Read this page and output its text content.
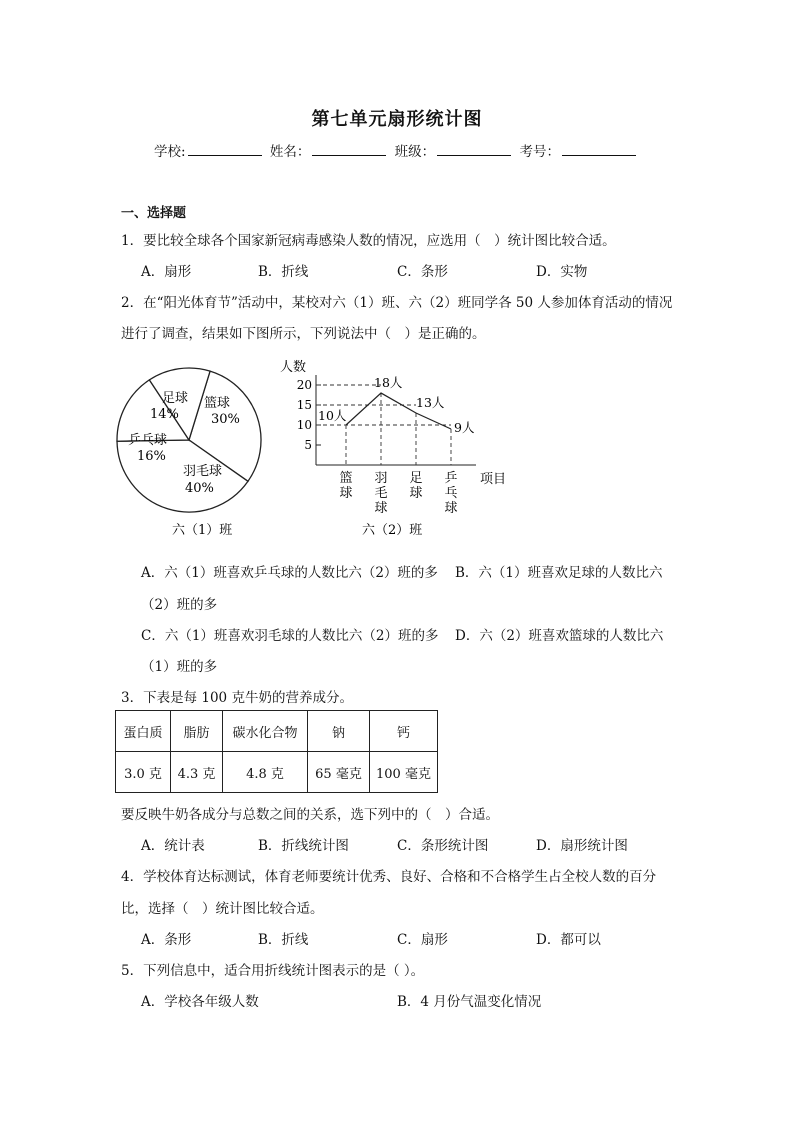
第七单元扇形统计图
学校:	姓名：	班级：	考号：
一、选择题
1．要比较全球各个国家新冠病毒感染人数的情况，应选用（　）统计图比较合适。
A．扇形	B．折线	C．条形	D．实物
2．在“阳光体育节”活动中，某校对六（1）班、六（2）班同学各 50 人参加体育活动的情况
进行了调查，结果如下图所示，下列说法中（　）是正确的。
足球
14%
篮球
30%
乒乓球
16%
羽毛球
40%
六（1）班
人数
5
10
15
20
10人
18人
13人
9人
篮球
羽毛球
足球
乒乓球
项目
六（2）班
A．六（1）班喜欢乒乓球的人数比六（2）班的多 B．六（1）班喜欢足球的人数比六
（2）班的多
C．六（1）班喜欢羽毛球的人数比六（2）班的多 D．六（2）班喜欢篮球的人数比六
（1）班的多
3．下表是每 100 克牛奶的营养成分。
蛋白质	脂肪	碳水化合物	钠	钙
3.0 克	4.3 克	4.8 克	65 毫克	100 毫克
要反映牛奶各成分与总数之间的关系，选下列中的（　）合适。
A．统计表	B．折线统计图	C．条形统计图	D．扇形统计图
4．学校体育达标测试，体育老师要统计优秀、良好、合格和不合格学生占全校人数的百分
比，选择（　）统计图比较合适。
A．条形	B．折线	C．扇形	D．都可以
5．下列信息中，适合用折线统计图表示的是（ ）。
A．学校各年级人数	B．4 月份气温变化情况
